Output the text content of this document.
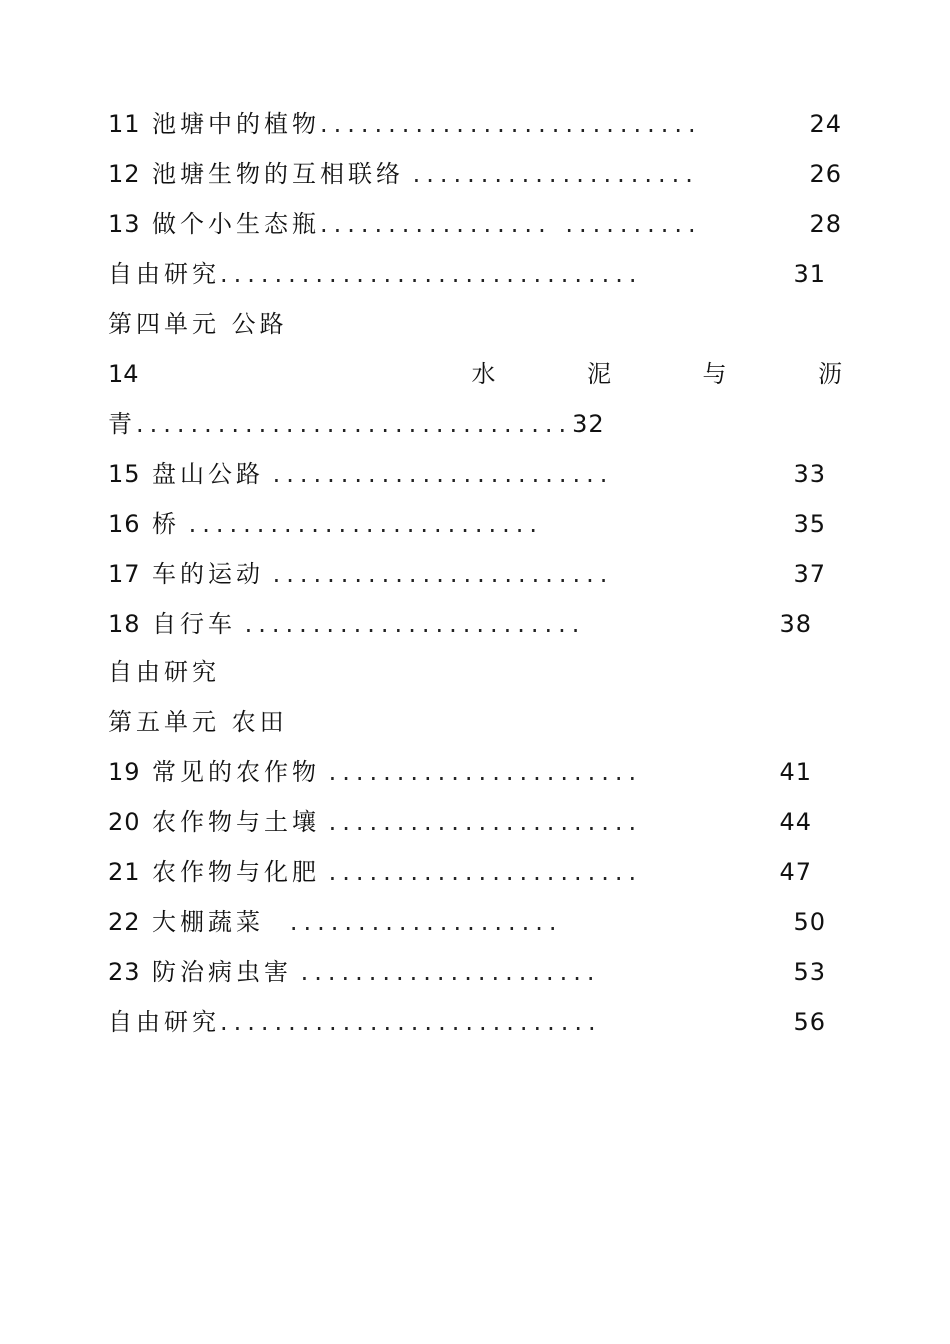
11 池塘中的植物............................	24
12 池塘生物的互相联络 .....................	26
13 做个小生态瓶................. ..........	28
自由研究...............................	31
第四单元 公路
14	水	泥	与	沥
青................................32
15 盘山公路 .........................	33
16 桥 ..........................	35
17 车的运动 .........................	37
18 自行车 .........................	38
自由研究
第五单元 农田
19 常见的农作物 .......................	41
20 农作物与土壤 .......................	44
21 农作物与化肥 .......................	47
22 大棚蔬菜 ....................	50
23 防治病虫害 ......................	53
自由研究............................	56
